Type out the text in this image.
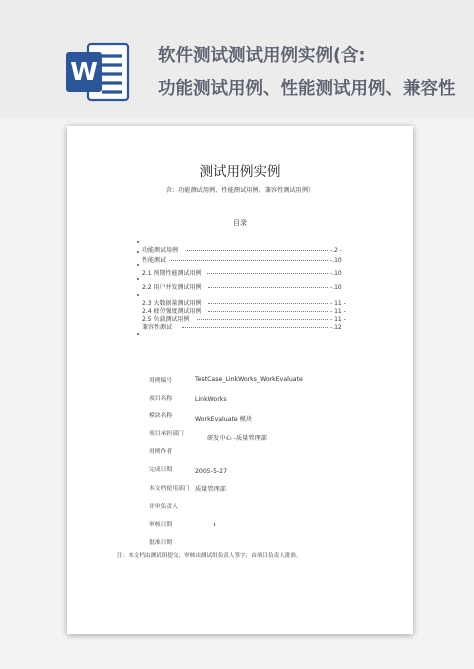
W
软件测试测试用例实例(含:
功能测试用例、性能测试用例、兼容性
测试用例实例
含：功能测试用例、性能测试用例、兼容性测试用例）
目录
功能测试用例	-.2 -
性能测试	-.10
2.1 预期性能测试用例	-.10
2.2 用户并发测试用例	-.10
2.3 大数据量测试用例	- 11 -
2.4 疲劳强度测试用例	- 11 -
2.5 负载测试用例	- 11 -
兼容性测试	-.12
用例编号	TestCase_LinkWorks_WorkEvaluate
项目名称	LinkWorks
模块名称	WorkEvaluate 模块
项目承担部门
研发中心 -质量管理部
用例作者
完成日期	2005-5-27
本文档使用部门 质量管理部
评审负责人
审核日期
批准日期
注：本文档由测试组提交，审核由测试组负责人签字，由项目负责人批准。
